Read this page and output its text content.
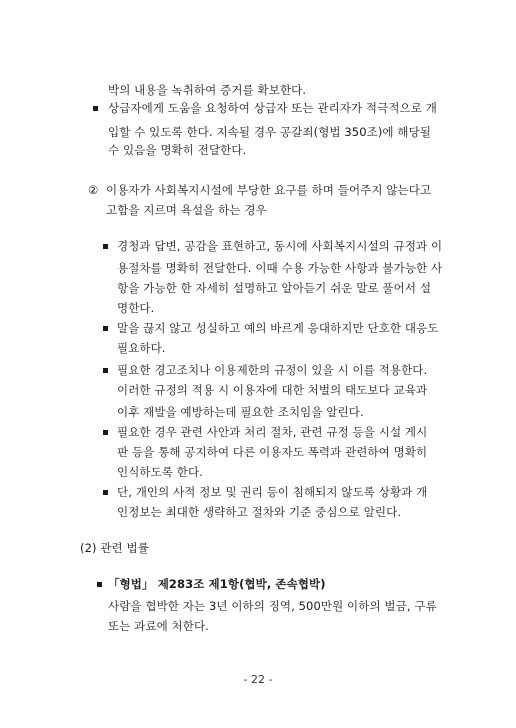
박의 내용을 녹취하여 증거를 확보한다.
상급자에게 도움을 요청하여 상급자 또는 관리자가 적극적으로 개
입할 수 있도록 한다. 지속될 경우 공갈죄(형법 350조)에 해당될
수 있음을 명확히 전달한다.
② 이용자가 사회복지시설에 부당한 요구를 하며 들어주지 않는다고
고함을 지르며 욕설을 하는 경우
경청과 답변, 공감을 표현하고, 동시에 사회복지시설의 규정과 이
용절차를 명확히 전달한다. 이때 수용 가능한 사항과 불가능한 사
항을 가능한 한 자세히 설명하고 알아듣기 쉬운 말로 풀어서 설
명한다.
말을 끊지 않고 성실하고 예의 바르게 응대하지만 단호한 대응도
필요하다.
필요한 경고조치나 이용제한의 규정이 있을 시 이를 적용한다.
이러한 규정의 적용 시 이용자에 대한 처벌의 태도보다 교육과
이후 재발을 예방하는데 필요한 조치임을 알린다.
필요한 경우 관련 사안과 처리 절차, 관련 규정 등을 시설 게시
판 등을 통해 공지하여 다른 이용자도 폭력과 관련하여 명확히
인식하도록 한다.
단, 개인의 사적 정보 및 권리 등이 침해되지 않도록 상황과 개
인정보는 최대한 생략하고 절차와 기준 중심으로 알린다.
(2) 관련 법률
「형법」 제283조 제1항(협박, 존속협박)
사람을 협박한 자는 3년 이하의 징역, 500만원 이하의 벌금, 구류
또는 과료에 처한다.
- 22 -
